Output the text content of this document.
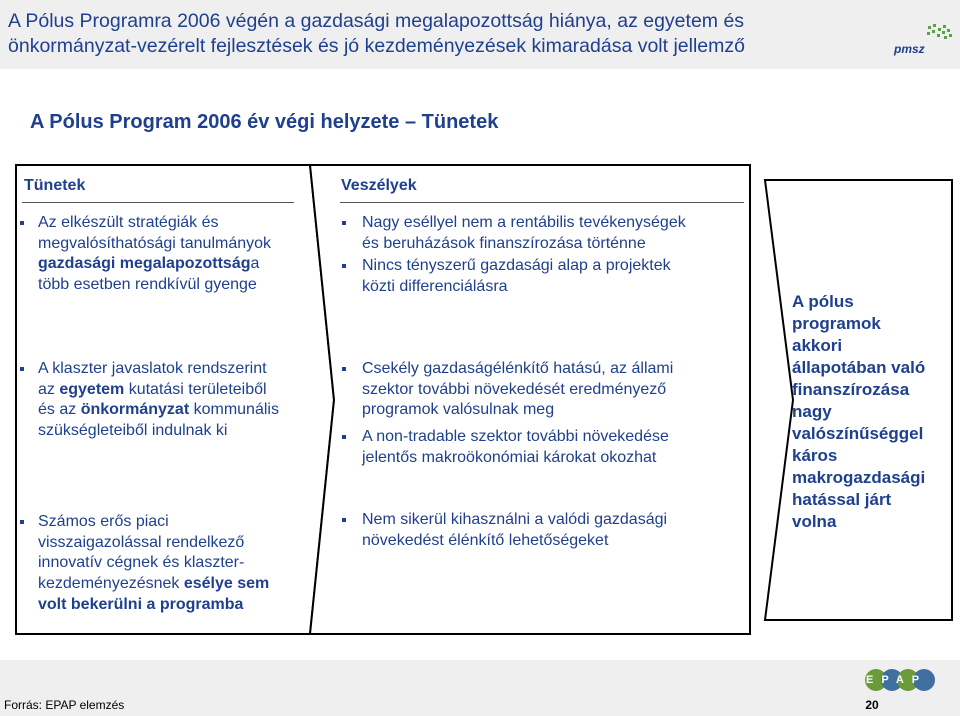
A Pólus Programra 2006 végén a gazdasági megalapozottság hiánya, az egyetem és
önkormányzat-vezérelt fejlesztések és jó kezdeményezések kimaradása volt jellemző	pmsz
A Pólus Program 2006 év végi helyzete – Tünetek
Tünetek
Az elkészült stratégiák és
megvalósíthatósági tanulmányok
gazdasági megalapozottsága
több esetben rendkívül gyenge
A klaszter javaslatok rendszerint
az egyetem kutatási területeiből
és az önkormányzat kommunális
szükségleteiből indulnak ki
Számos erős piaci
visszaigazolással rendelkező
innovatív cégnek és klaszter-
kezdeményezésnek esélye sem
volt bekerülni a programba
Veszélyek
Nagy eséllyel nem a rentábilis tevékenységek
és beruházások finanszírozása történne
Nincs tényszerű gazdasági alap a projektek
közti differenciálásra
Csekély gazdaságélénkítő hatású, az állami
szektor további növekedését eredményező
programok valósulnak meg
A non-tradable szektor további növekedése
jelentős makroökonómiai károkat okozhat
Nem sikerül kihasználni a valódi gazdasági
növekedést élénkítő lehetőségeket
A pólus
programok
akkori
állapotában való
finanszírozása
nagy
valószínűséggel
káros
makrogazdasági
hatással járt
volna
Forrás: EPAP elemzés
EPAP
20
